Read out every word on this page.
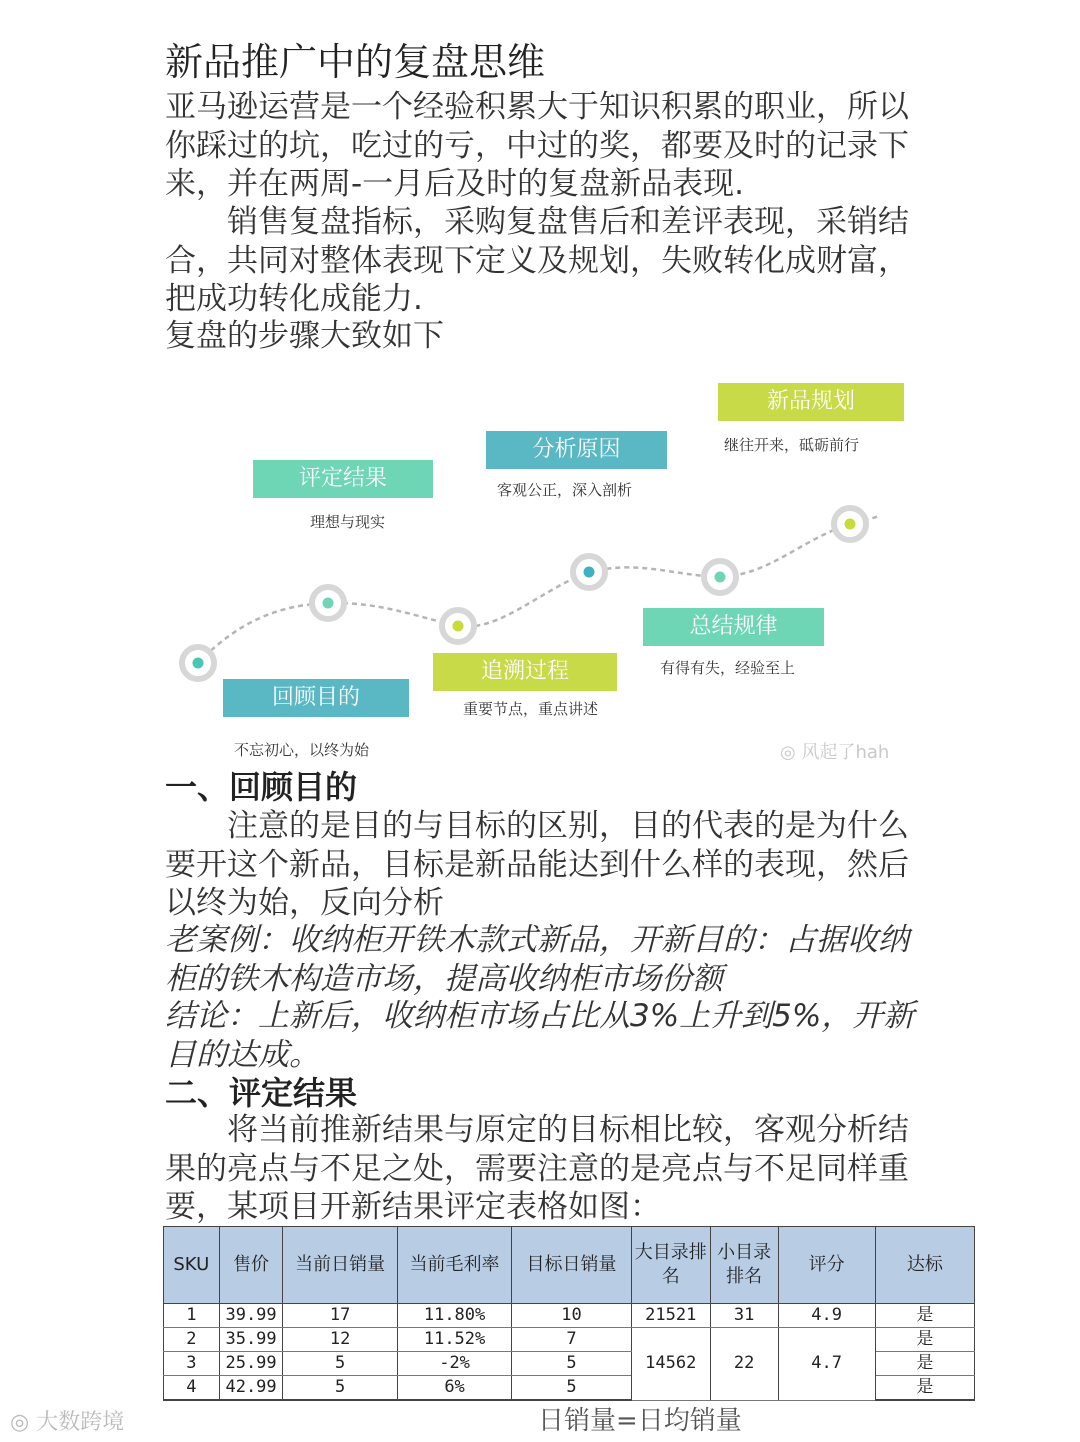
新品推广中的复盘思维

亚马逊运营是一个经验积累大于知识积累的职业，所以你踩过的坑，吃过的亏，中过的奖，都要及时的记录下来，并在两周-一月后及时的复盘新品表现.

销售复盘指标，采购复盘售后和差评表现，采销结合，共同对整体表现下定义及规划，失败转化成财富，把成功转化成能力.

复盘的步骤大致如下

回顾目的
不忘初心，以终为始
评定结果
理想与现实
追溯过程
重要节点，重点讲述
分析原因
客观公正，深入剖析
总结规律
有得有失，经验至上
新品规划
继往开来，砥砺前行
◎ 风起了hah
一、回顾目的

注意的是目的与目标的区别，目的代表的是为什么要开这个新品，目标是新品能达到什么样的表现，然后以终为始，反向分析

老案例：收纳柜开铁木款式新品，开新目的：占据收纳柜的铁木构造市场，提高收纳柜市场份额

结论：上新后，收纳柜市场占比从3%上升到5%，开新目的达成。

二、评定结果

将当前推新结果与原定的目标相比较，客观分析结果的亮点与不足之处，需要注意的是亮点与不足同样重要，某项目开新结果评定表格如图：

SKU	售价	当前日销量	当前毛利率	目标日销量	大目录排名	小目录排名	评分	达标
1	39.99	17	11.80%	10	21521	31	4.9	是
2	35.99	12	11.52%	7	14562	22	4.7	是
3	25.99	5	-2%	5				是
4	42.99	5	6%	5				是
日销量=日均销量
◎ 大数跨境
